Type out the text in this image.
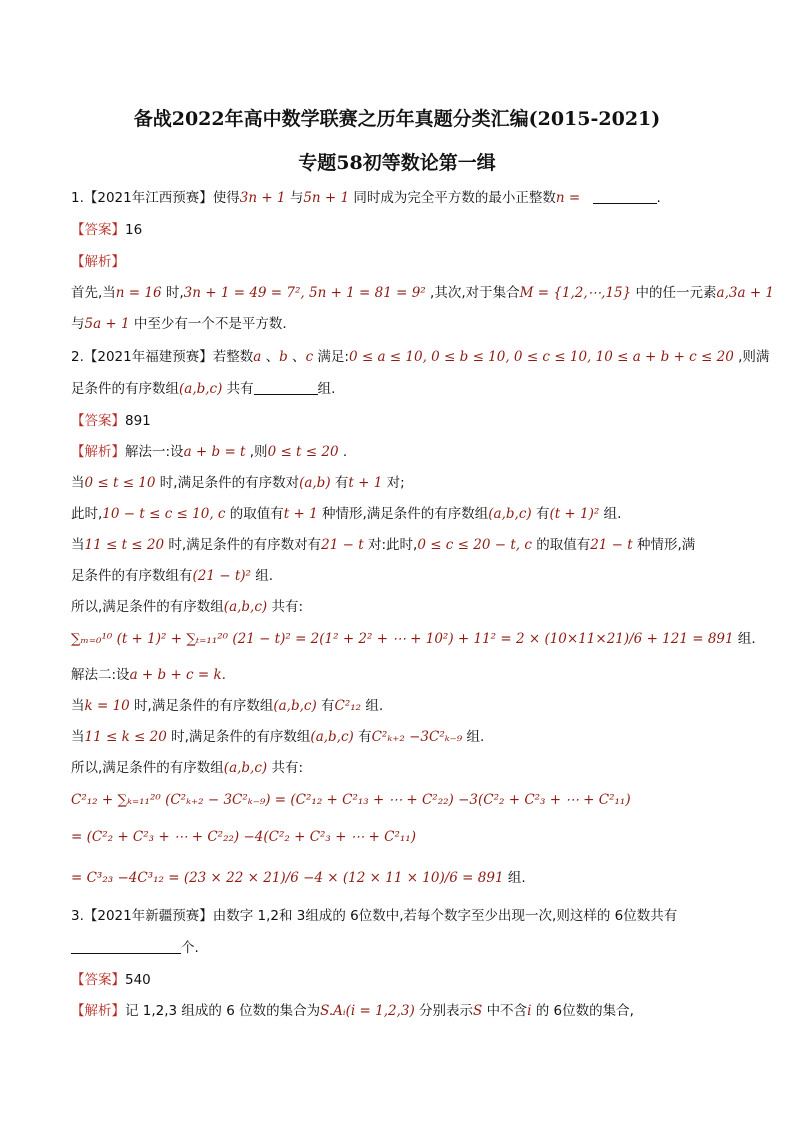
备战2022年高中数学联赛之历年真题分类汇编(2015-2021)
专题58初等数论第一缉
1.【2021年江西预赛】使得3n + 1 与5n + 1 同时成为完全平方数的最小正整数n =	.
【答案】16
【解析】
首先,当n = 16 时,3n + 1 = 49 = 7², 5n + 1 = 81 = 9² ,其次,对于集合M = {1,2,⋯,15} 中的任一元素a,3a + 1
与5a + 1 中至少有一个不是平方数.
2.【2021年福建预赛】若整数a 、b 、c 满足:0 ≤ a ≤ 10, 0 ≤ b ≤ 10, 0 ≤ c ≤ 10, 10 ≤ a + b + c ≤ 20 ,则满
足条件的有序数组(a,b,c) 共有	组.
【答案】891
【解析】解法一:设a + b = t ,则0 ≤ t ≤ 20 .
当0 ≤ t ≤ 10 时,满足条件的有序数对(a,b) 有t + 1 对;
此时,10 − t ≤ c ≤ 10, c 的取值有t + 1 种情形,满足条件的有序数组(a,b,c) 有(t + 1)² 组.
当11 ≤ t ≤ 20 时,满足条件的有序数对有21 − t 对:此时,0 ≤ c ≤ 20 − t, c 的取值有21 − t 种情形,满
足条件的有序数组有(21 − t)² 组.
所以,满足条件的有序数组(a,b,c) 共有:
∑ₘ₌₀¹⁰ (t + 1)² + ∑ₜ₌₁₁²⁰ (21 − t)² = 2(1² + 2² + ⋯ + 10²) + 11² = 2 × (10×11×21)/6 + 121 = 891 组.
解法二:设a + b + c = k.
当k = 10 时,满足条件的有序数组(a,b,c) 有C²₁₂ 组.
当11 ≤ k ≤ 20 时,满足条件的有序数组(a,b,c) 有C²ₖ₊₂ −3C²ₖ₋₉ 组.
所以,满足条件的有序数组(a,b,c) 共有:
C²₁₂ + ∑ₖ₌₁₁²⁰ (C²ₖ₊₂ − 3C²ₖ₋₉) = (C²₁₂ + C²₁₃ + ⋯ + C²₂₂) −3(C²₂ + C²₃ + ⋯ + C²₁₁)
= (C²₂ + C²₃ + ⋯ + C²₂₂) −4(C²₂ + C²₃ + ⋯ + C²₁₁)
= C³₂₃ −4C³₁₂ = (23 × 22 × 21)/6 −4 × (12 × 11 × 10)/6 = 891 组.
3.【2021年新疆预赛】由数字 1,2和 3组成的 6位数中,若每个数字至少出现一次,则这样的 6位数共有
个.
【答案】540
【解析】记 1,2,3 组成的 6 位数的集合为S.Aᵢ(i = 1,2,3) 分别表示S 中不含i 的 6位数的集合,
